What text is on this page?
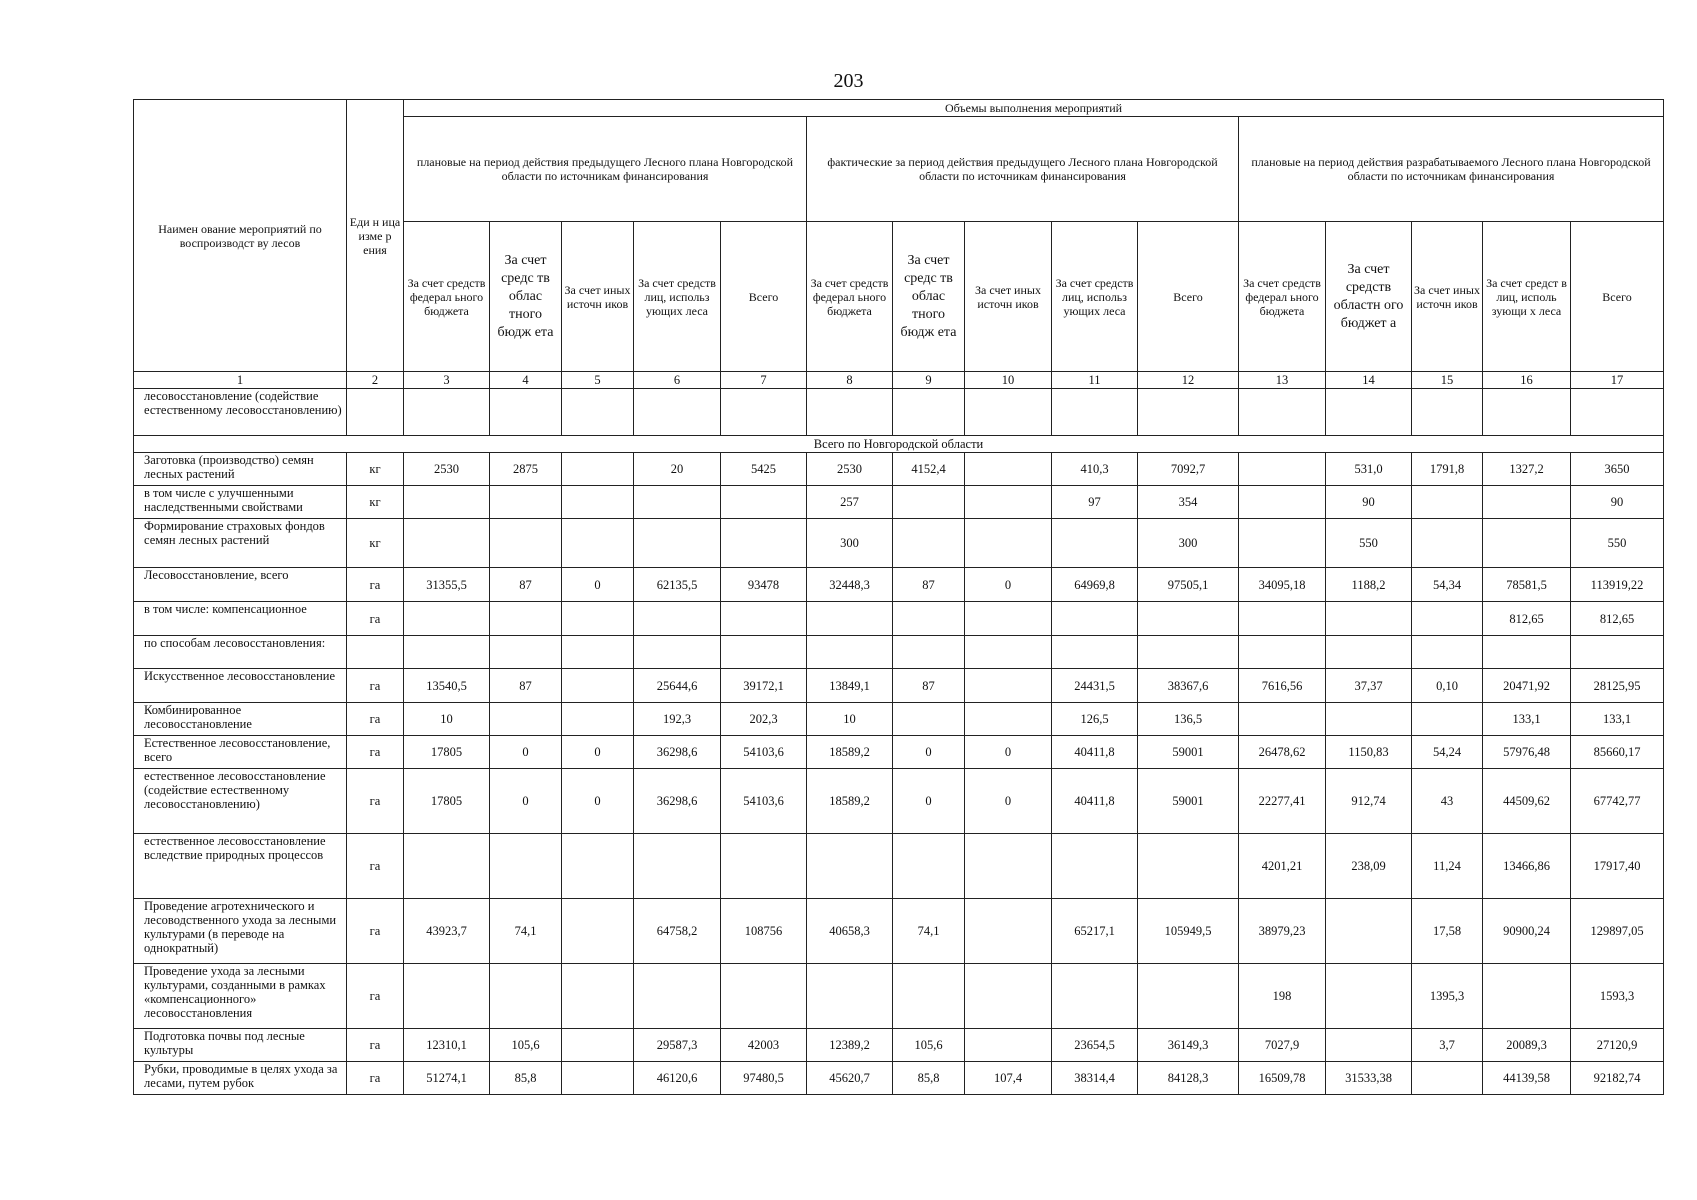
203
Наимен ование мероприятий по воспроизводст ву лесов	Еди н ица изме р ения	Объемы выполнения мероприятий														
		плановые на период действия предыдущего Лесного плана Новгородской области по источникам финансирования					фактические за период действия предыдущего Лесного плана Новгородской области по источникам финансирования					плановые на период действия разрабатываемого Лесного плана Новгородской области по источникам финансирования				
		За счет средств федерал ьного бюджета	За счет средс тв облас тного бюдж ета	За счет иных источн иков	За счет средств лиц, использ ующих леса	Всего	За счет средств федерал ьного бюджета	За счет средс тв облас тного бюдж ета	За счет иных источн иков	За счет средств лиц, использ ующих леса	Всего	За счет средств федерал ьного бюджета	За счет средств областн ого бюджет а	За счет иных источн иков	За счет средст в лиц, исполь зующи х леса	Всего
1	2	3	4	5	6	7	8	9	10	11	12	13	14	15	16	17
лесовосстановление (содействие естественному лесовосстановлению)																
Всего по Новгородской области																
Заготовка (производство) семян лесных растений	кг	2530	2875		20	5425	2530	4152,4		410,3	7092,7		531,0	1791,8	1327,2	3650
в том числе с улучшенными наследственными свойствами	кг						257			97	354		90			90
Формирование страховых фондов семян лесных растений	кг						300				300		550			550
Лесовосстановление, всего	га	31355,5	87	0	62135,5	93478	32448,3	87	0	64969,8	97505,1	34095,18	1188,2	54,34	78581,5	113919,22
в том числе: компенсационное	га														812,65	812,65
по способам лесовосстановления:																
Искусственное лесовосстановление	га	13540,5	87		25644,6	39172,1	13849,1	87		24431,5	38367,6	7616,56	37,37	0,10	20471,92	28125,95
Комбинированное лесовосстановление	га	10			192,3	202,3	10			126,5	136,5				133,1	133,1
Естественное лесовосстановление, всего	га	17805	0	0	36298,6	54103,6	18589,2	0	0	40411,8	59001	26478,62	1150,83	54,24	57976,48	85660,17
естественное лесовосстановление (содействие естественному лесовосстановлению)	га	17805	0	0	36298,6	54103,6	18589,2	0	0	40411,8	59001	22277,41	912,74	43	44509,62	67742,77
естественное лесовосстановление вследствие природных процессов	га											4201,21	238,09	11,24	13466,86	17917,40
Проведение агротехнического и лесоводственного ухода за лесными культурами (в переводе на однократный)	га	43923,7	74,1		64758,2	108756	40658,3	74,1		65217,1	105949,5	38979,23		17,58	90900,24	129897,05
Проведение ухода за лесными культурами, созданными в рамках «компенсационного» лесовосстановления	га											198		1395,3		1593,3
Подготовка почвы под лесные культуры	га	12310,1	105,6		29587,3	42003	12389,2	105,6		23654,5	36149,3	7027,9		3,7	20089,3	27120,9
Рубки, проводимые в целях ухода за лесами, путем рубок	га	51274,1	85,8		46120,6	97480,5	45620,7	85,8	107,4	38314,4	84128,3	16509,78	31533,38		44139,58	92182,74
